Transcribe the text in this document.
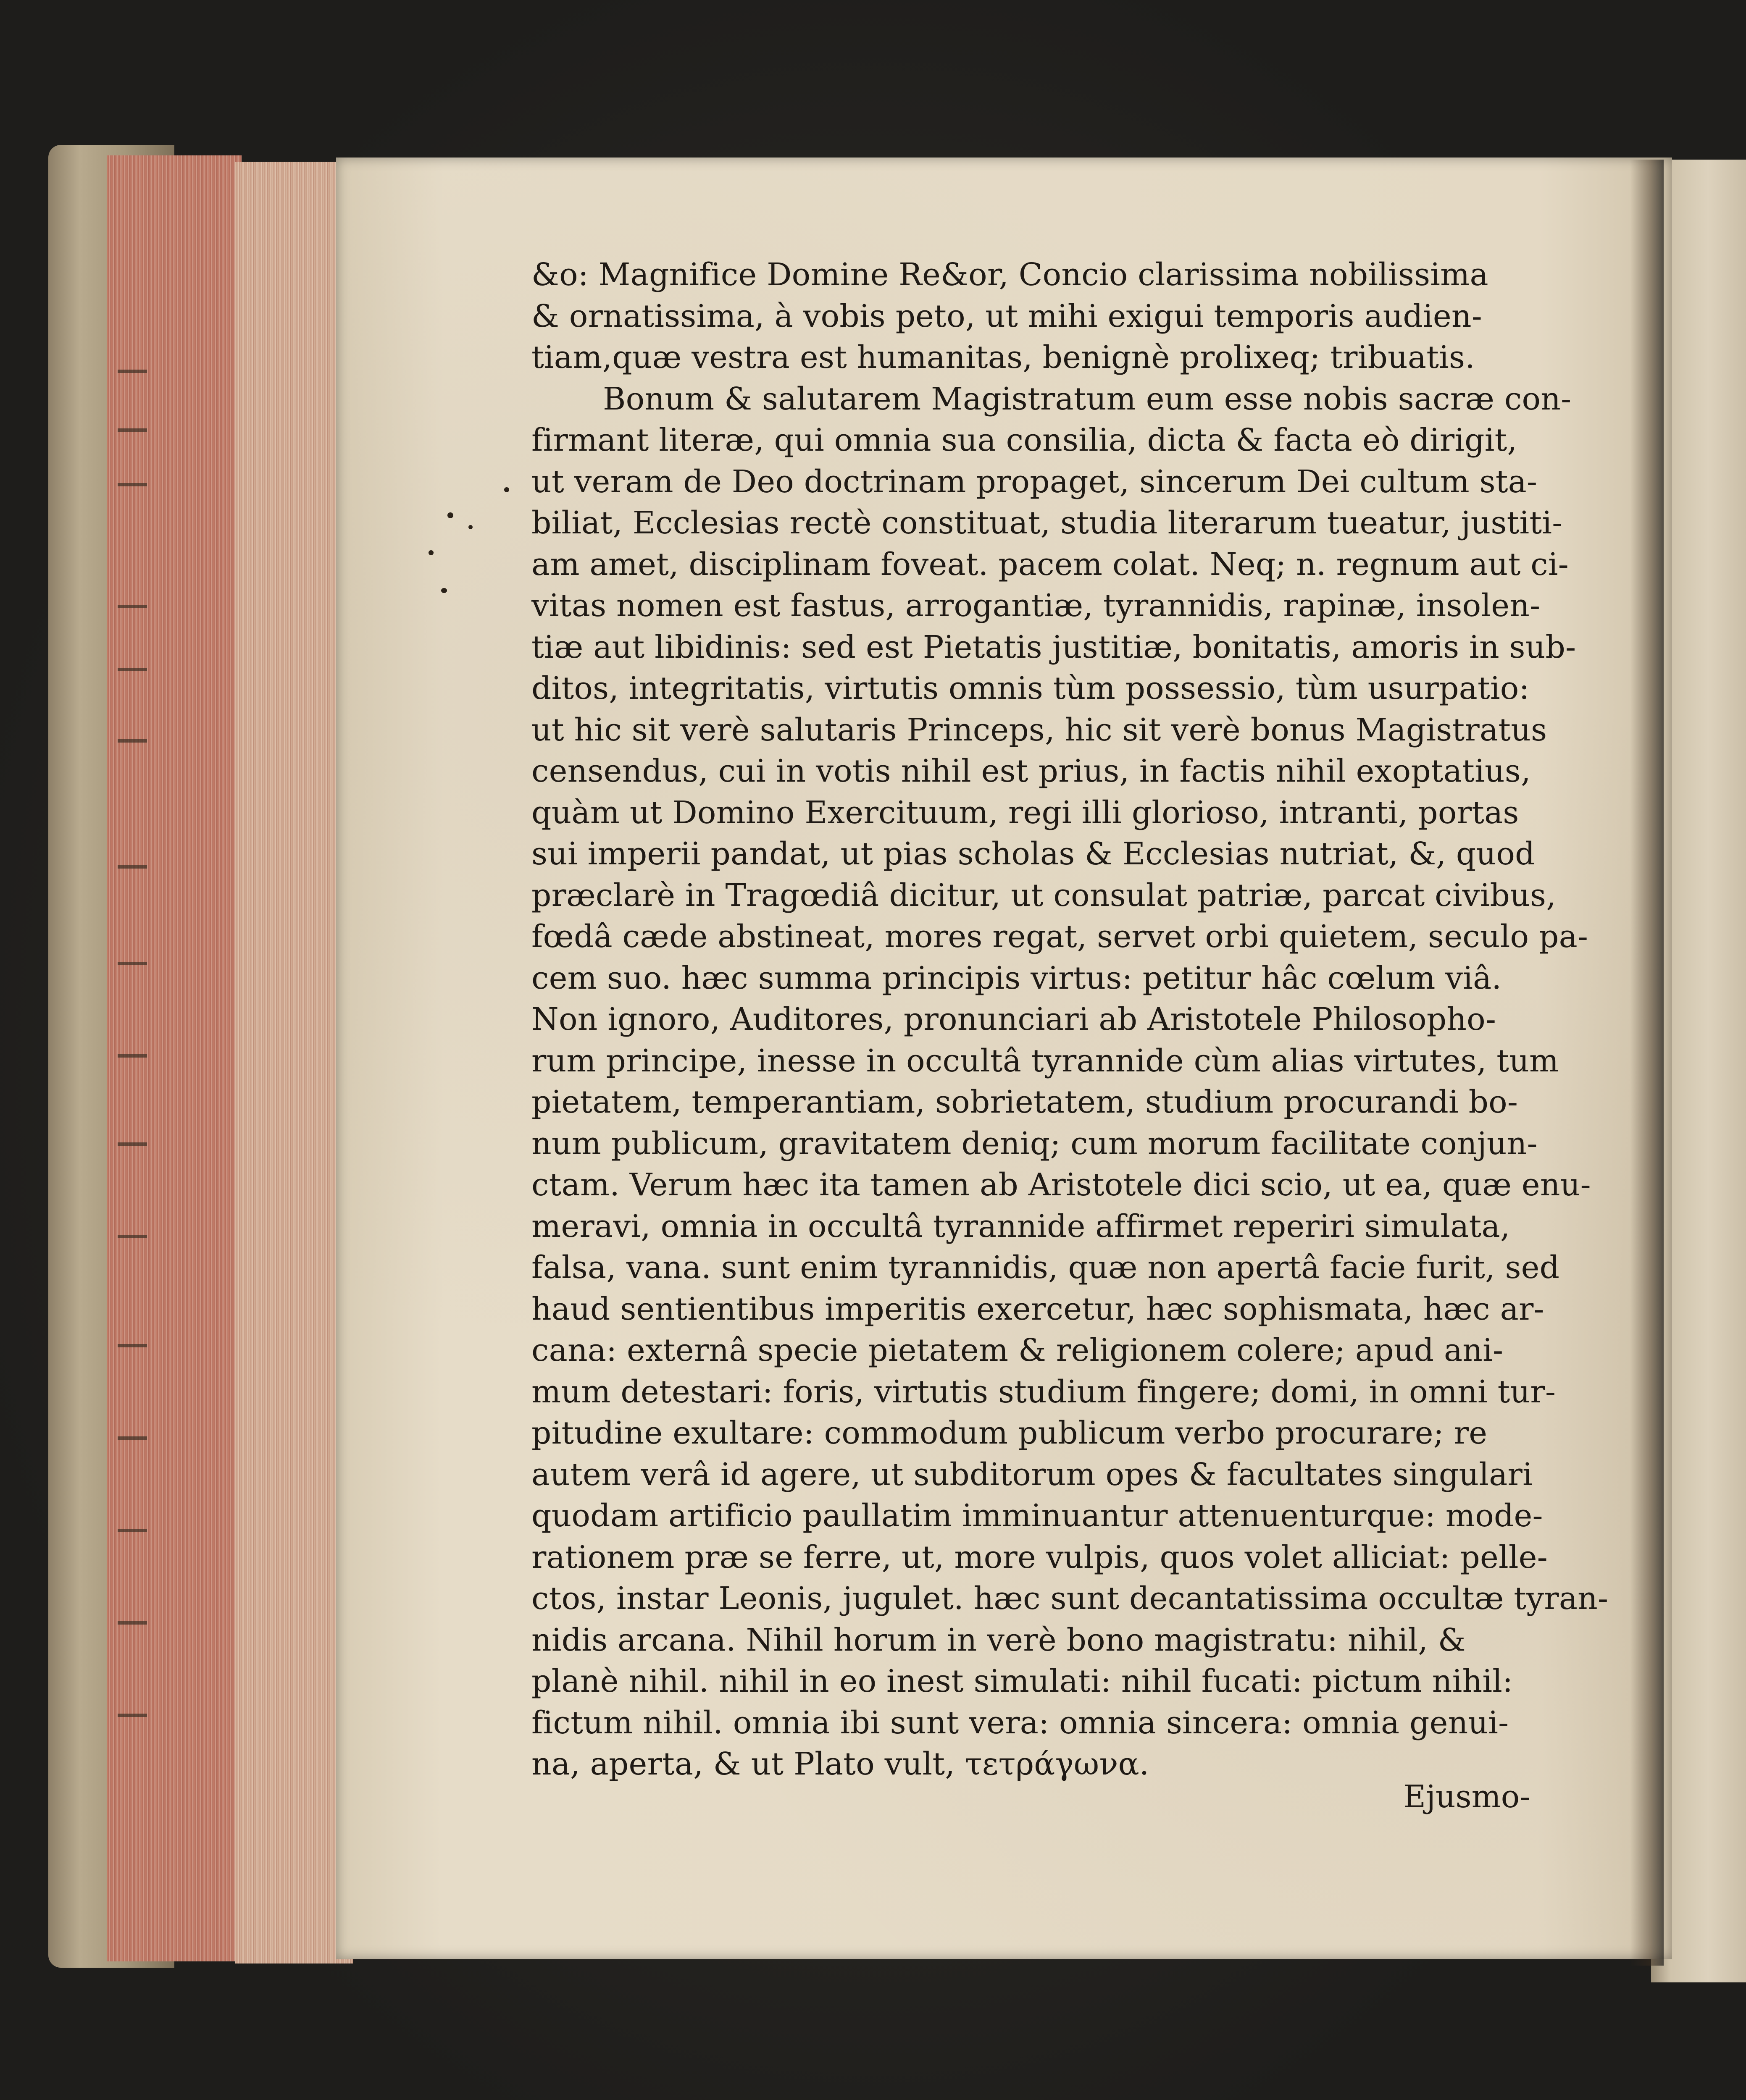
&o: Magnifice Domine Re&or, Concio clarissima nobilissima
& ornatissima, à vobis peto, ut mihi exigui temporis audien-
tiam,quæ vestra est humanitas, benignè prolixeq; tribuatis.
Bonum & salutarem Magistratum eum esse nobis sacræ con-
firmant literæ, qui omnia sua consilia, dicta & facta eò dirigit,
ut veram de Deo doctrinam propaget, sincerum Dei cultum sta-
biliat, Ecclesias rectè constituat, studia literarum tueatur, justiti-
am amet, disciplinam foveat. pacem colat. Neq; n. regnum aut ci-
vitas nomen est fastus, arrogantiæ, tyrannidis, rapinæ, insolen-
tiæ aut libidinis: sed est Pietatis justitiæ, bonitatis, amoris in sub-
ditos, integritatis, virtutis omnis tùm possessio, tùm usurpatio:
ut hic sit verè salutaris Princeps, hic sit verè bonus Magistratus
censendus, cui in votis nihil est prius, in factis nihil exoptatius,
quàm ut Domino Exercituum, regi illi glorioso, intranti, portas
sui imperii pandat, ut pias scholas & Ecclesias nutriat, &, quod
præclarè in Tragœdiâ dicitur, ut consulat patriæ, parcat civibus,
fœdâ cæde abstineat, mores regat, servet orbi quietem, seculo pa-
cem suo. hæc summa principis virtus: petitur hâc cœlum viâ.
Non ignoro, Auditores, pronunciari ab Aristotele Philosopho-
rum principe, inesse in occultâ tyrannide cùm alias virtutes, tum
pietatem, temperantiam, sobrietatem, studium procurandi bo-
num publicum, gravitatem deniq; cum morum facilitate conjun-
ctam. Verum hæc ita tamen ab Aristotele dici scio, ut ea, quæ enu-
meravi, omnia in occultâ tyrannide affirmet reperiri simulata,
falsa, vana. sunt enim tyrannidis, quæ non apertâ facie furit, sed
haud sentientibus imperitis exercetur, hæc sophismata, hæc ar-
cana: externâ specie pietatem & religionem colere; apud ani-
mum detestari: foris, virtutis studium fingere; domi, in omni tur-
pitudine exultare: commodum publicum verbo procurare; re
autem verâ id agere, ut subditorum opes & facultates singulari
quodam artificio paullatim imminuantur attenuenturque: mode-
rationem præ se ferre, ut, more vulpis, quos volet alliciat: pelle-
ctos, instar Leonis, jugulet. hæc sunt decantatissima occultæ tyran-
nidis arcana. Nihil horum in verè bono magistratu: nihil, &
planè nihil. nihil in eo inest simulati: nihil fucati: pictum nihil:
fictum nihil. omnia ibi sunt vera: omnia sincera: omnia genui-
na, aperta, & ut Plato vult, τετράγωνα.
Ejusmo-
